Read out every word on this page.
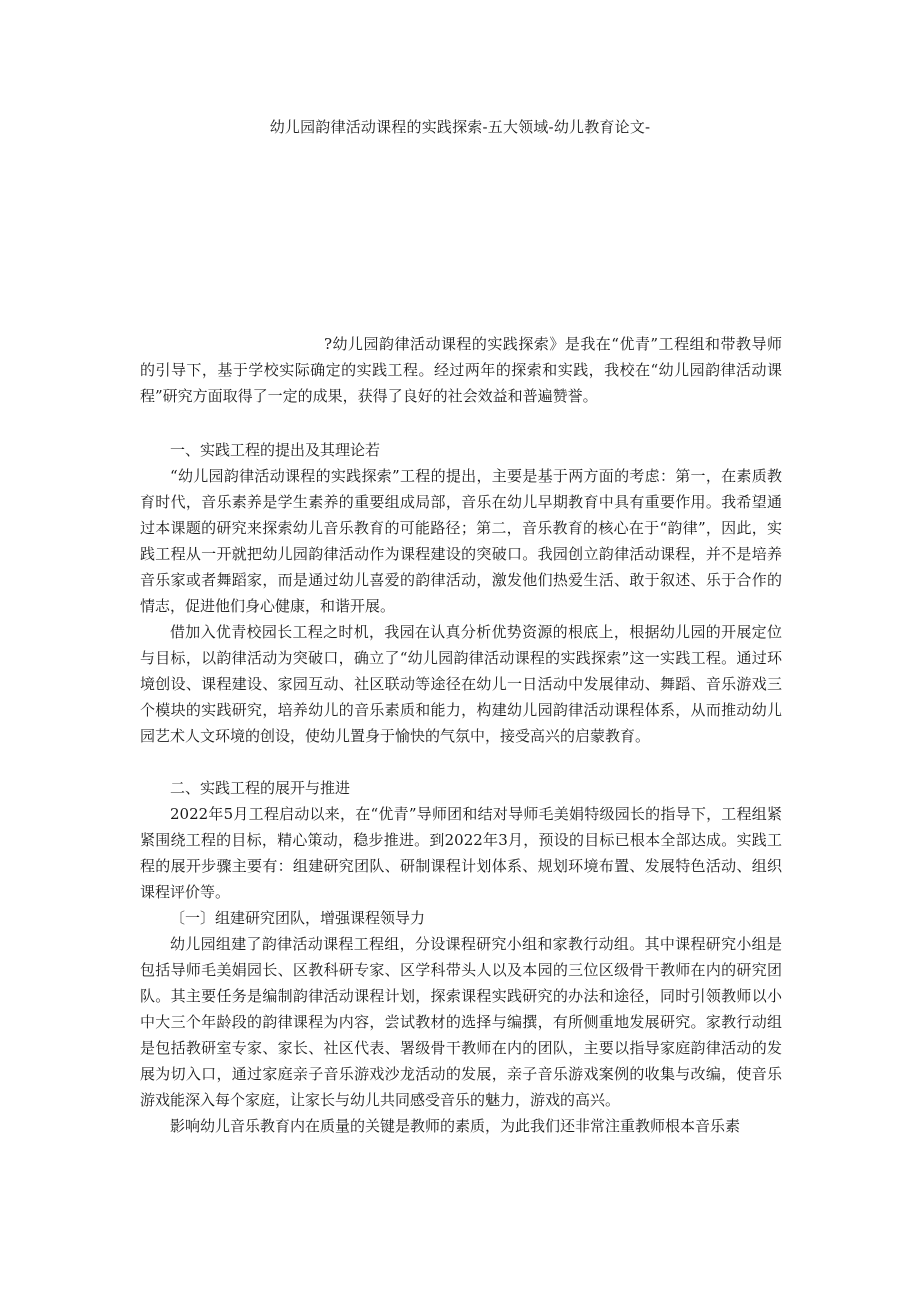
幼儿园韵律活动课程的实践探索-五大领域-幼儿教育论文-

?幼儿园韵律活动课程的实践探索》是我在“优青”工程组和带教导师的引导下，基于学校实际确定的实践工程。经过两年的探索和实践，我校在“幼儿园韵律活动课程”研究方面取得了一定的成果，获得了良好的社会效益和普遍赞誉。

一、实践工程的提出及其理论若

“幼儿园韵律活动课程的实践探索”工程的提出，主要是基于两方面的考虑：第一，在素质教育时代，音乐素养是学生素养的重要组成局部，音乐在幼儿早期教育中具有重要作用。我希望通过本课题的研究来探索幼儿音乐教育的可能路径；第二，音乐教育的核心在于“韵律”，因此，实践工程从一开就把幼儿园韵律活动作为课程建设的突破口。我园创立韵律活动课程，并不是培养音乐家或者舞蹈家，而是通过幼儿喜爱的韵律活动，激发他们热爱生活、敢于叙述、乐于合作的情志，促进他们身心健康，和谐开展。

借加入优青校园长工程之时机，我园在认真分析优势资源的根底上，根据幼儿园的开展定位与目标，以韵律活动为突破口，确立了“幼儿园韵律活动课程的实践探索”这一实践工程。通过环境创设、课程建设、家园互动、社区联动等途径在幼儿一日活动中发展律动、舞蹈、音乐游戏三个模块的实践研究，培养幼儿的音乐素质和能力，构建幼儿园韵律活动课程体系，从而推动幼儿园艺术人文环境的创设，使幼儿置身于愉快的气氛中，接受高兴的启蒙教育。

二、实践工程的展开与推进

2022年5月工程启动以来，在“优青”导师团和结对导师毛美娟特级园长的指导下，工程组紧紧围绕工程的目标，精心策动，稳步推进。到2022年3月，预设的目标已根本全部达成。实践工程的展开步骤主要有：组建研究团队、研制课程计划体系、规划环境布置、发展特色活动、组织课程评价等。

〔一〕组建研究团队，增强课程领导力

幼儿园组建了韵律活动课程工程组，分设课程研究小组和家教行动组。其中课程研究小组是包括导师毛美娟园长、区教科研专家、区学科带头人以及本园的三位区级骨干教师在内的研究团队。其主要任务是编制韵律活动课程计划，探索课程实践研究的办法和途径，同时引领教师以小中大三个年龄段的韵律课程为内容，尝试教材的选择与编撰，有所侧重地发展研究。家教行动组是包括教研室专家、家长、社区代表、署级骨干教师在内的团队，主要以指导家庭韵律活动的发展为切入口，通过家庭亲子音乐游戏沙龙活动的发展，亲子音乐游戏案例的收集与改编，使音乐游戏能深入每个家庭，让家长与幼儿共同感受音乐的魅力，游戏的高兴。

影响幼儿音乐教育内在质量的关键是教师的素质，为此我们还非常注重教师根本音乐素
